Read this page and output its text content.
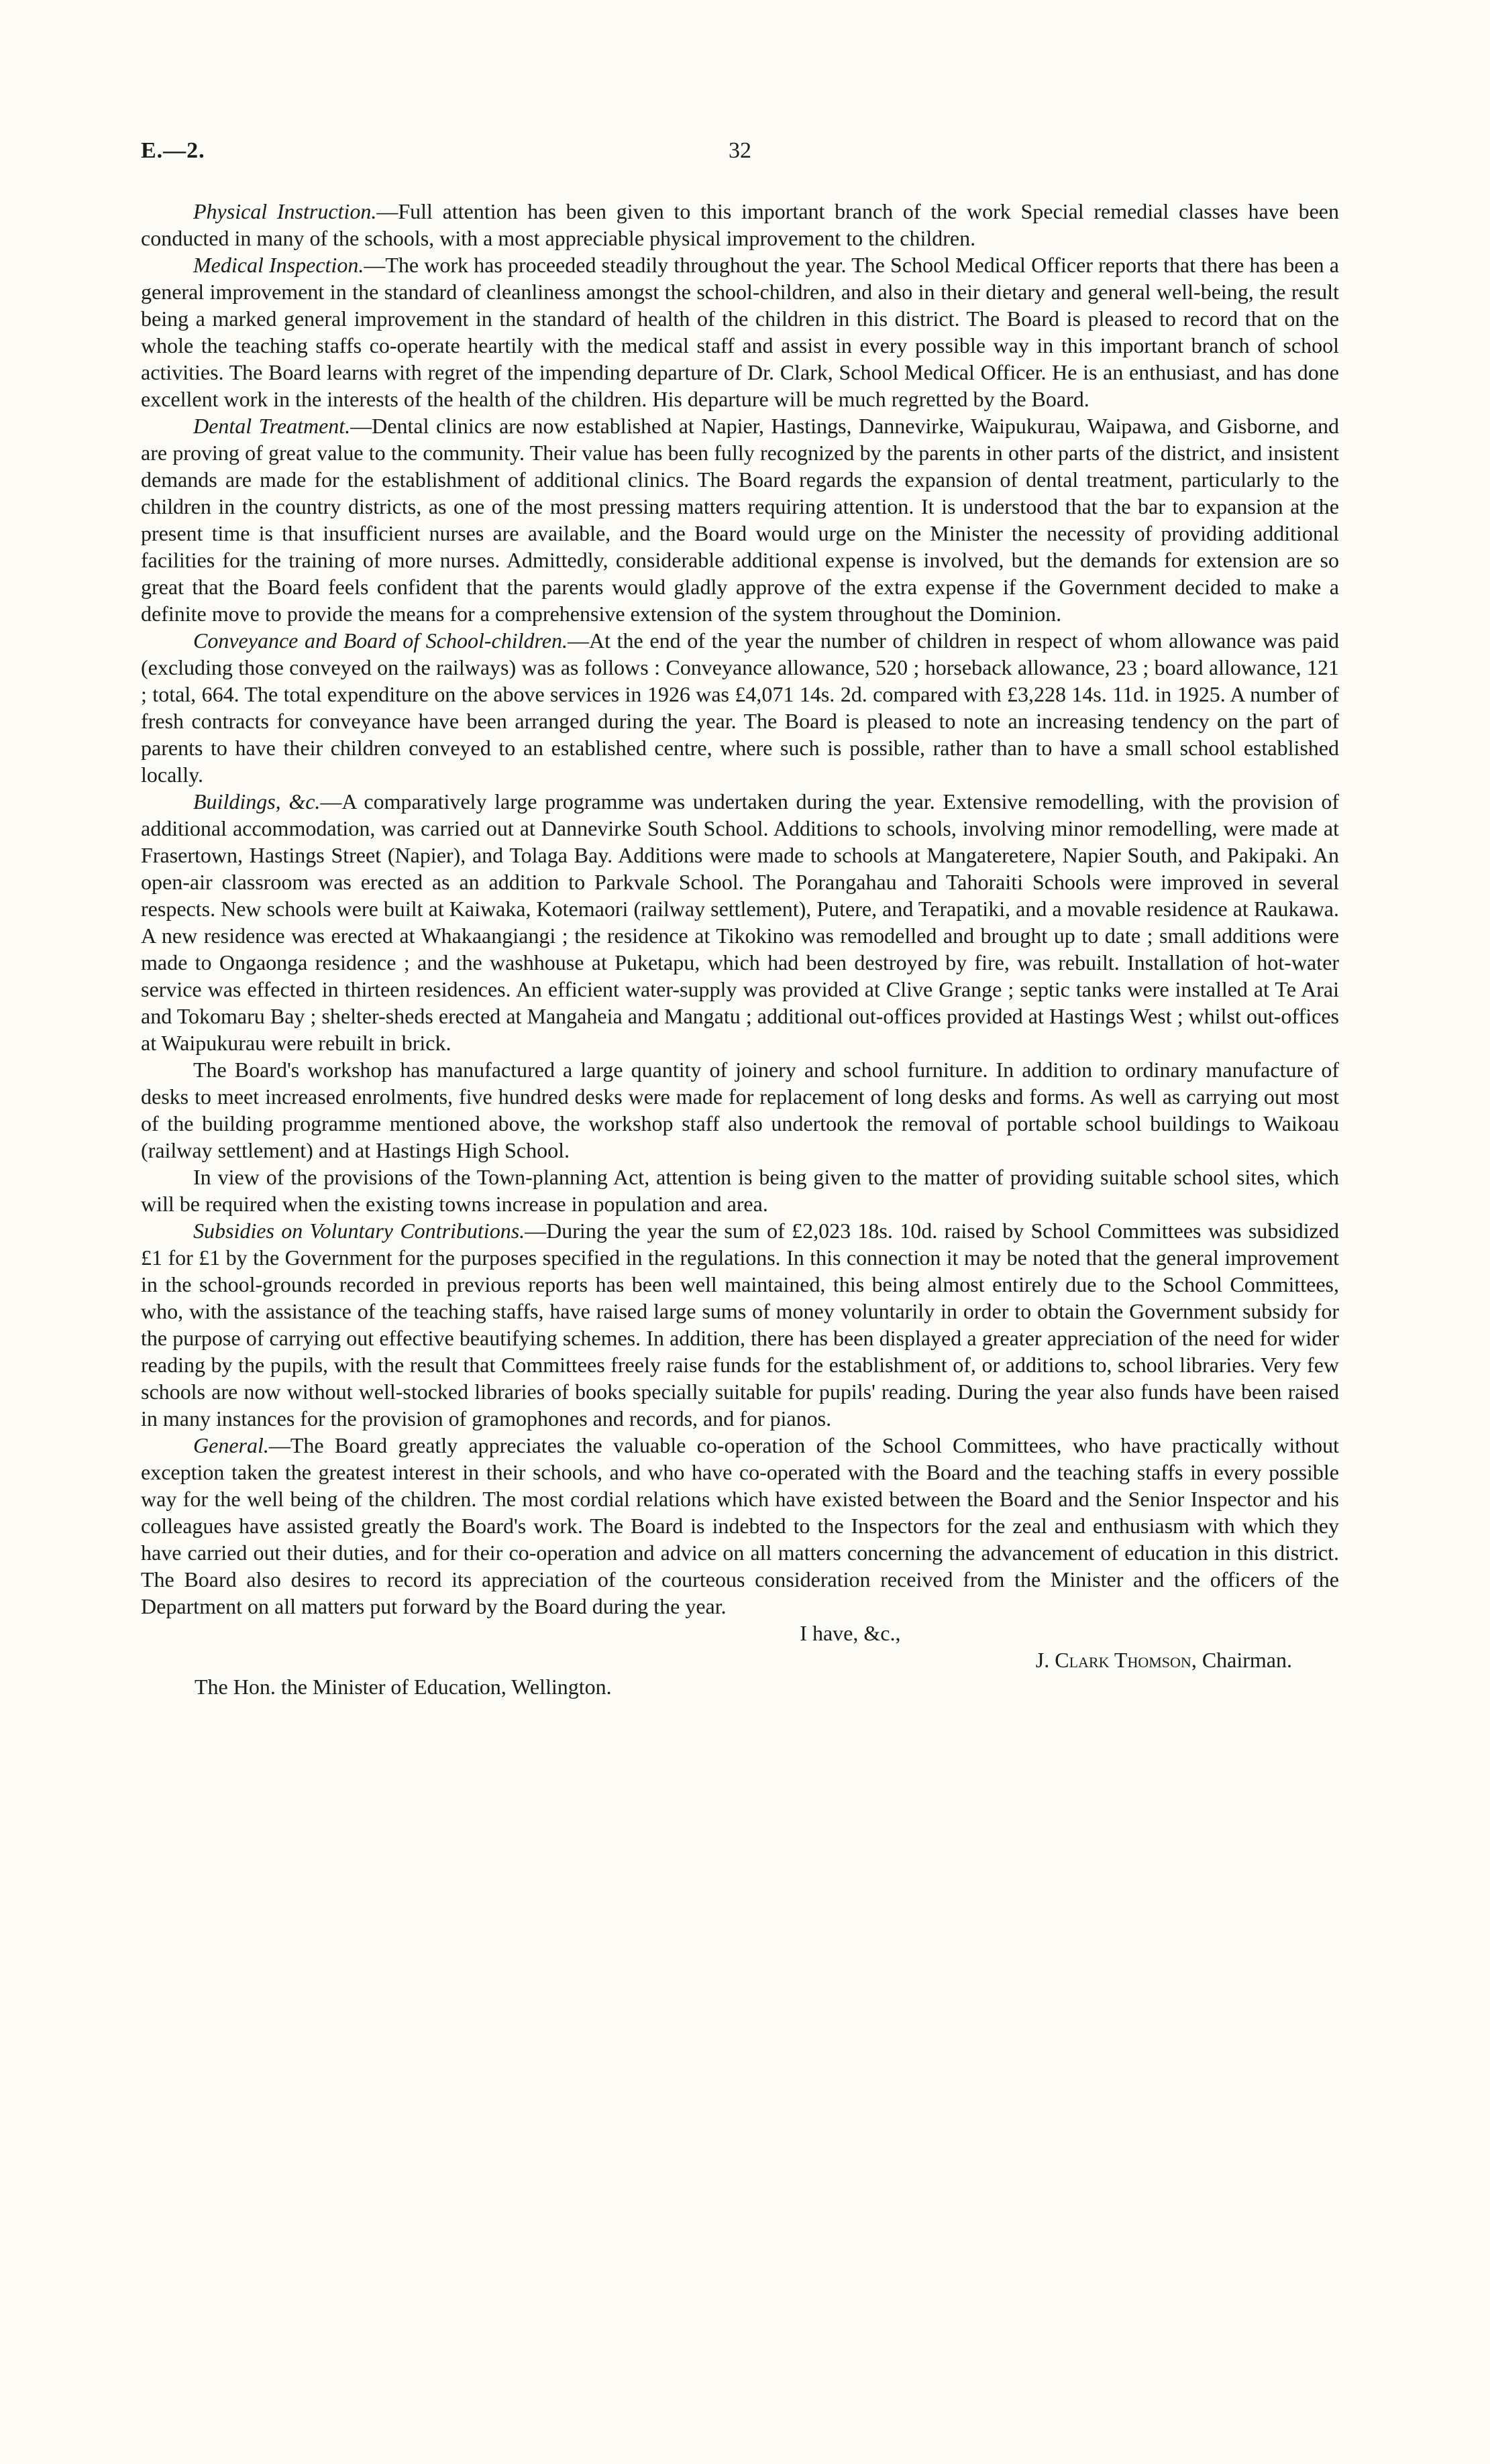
E.—2.	32

Physical Instruction.—Full attention has been given to this important branch of the work Special remedial classes have been conducted in many of the schools, with a most appreciable physical improvement to the children.

Medical Inspection.—The work has proceeded steadily throughout the year. The School Medical Officer reports that there has been a general improvement in the standard of cleanliness amongst the school-children, and also in their dietary and general well-being, the result being a marked general improvement in the standard of health of the children in this district. The Board is pleased to record that on the whole the teaching staffs co-operate heartily with the medical staff and assist in every possible way in this important branch of school activities. The Board learns with regret of the impending departure of Dr. Clark, School Medical Officer. He is an enthusiast, and has done excellent work in the interests of the health of the children. His departure will be much regretted by the Board.

Dental Treatment.—Dental clinics are now established at Napier, Hastings, Dannevirke, Waipukurau, Waipawa, and Gisborne, and are proving of great value to the community. Their value has been fully recognized by the parents in other parts of the district, and insistent demands are made for the establishment of additional clinics. The Board regards the expansion of dental treatment, particularly to the children in the country districts, as one of the most pressing matters requiring attention. It is understood that the bar to expansion at the present time is that insufficient nurses are available, and the Board would urge on the Minister the necessity of providing additional facilities for the training of more nurses. Admittedly, considerable additional expense is involved, but the demands for extension are so great that the Board feels confident that the parents would gladly approve of the extra expense if the Government decided to make a definite move to provide the means for a comprehensive extension of the system throughout the Dominion.

Conveyance and Board of School-children.—At the end of the year the number of children in respect of whom allowance was paid (excluding those conveyed on the railways) was as follows : Conveyance allowance, 520 ; horseback allowance, 23 ; board allowance, 121 ; total, 664. The total expenditure on the above services in 1926 was £4,071 14s. 2d. compared with £3,228 14s. 11d. in 1925. A number of fresh contracts for conveyance have been arranged during the year. The Board is pleased to note an increasing tendency on the part of parents to have their children conveyed to an established centre, where such is possible, rather than to have a small school established locally.

Buildings, &c.—A comparatively large programme was undertaken during the year. Extensive remodelling, with the provision of additional accommodation, was carried out at Dannevirke South School. Additions to schools, involving minor remodelling, were made at Frasertown, Hastings Street (Napier), and Tolaga Bay. Additions were made to schools at Mangateretere, Napier South, and Pakipaki. An open-air classroom was erected as an addition to Parkvale School. The Porangahau and Tahoraiti Schools were improved in several respects. New schools were built at Kaiwaka, Kotemaori (railway settlement), Putere, and Terapatiki, and a movable residence at Raukawa. A new residence was erected at Whakaangiangi ; the residence at Tikokino was remodelled and brought up to date ; small additions were made to Ongaonga residence ; and the washhouse at Puketapu, which had been destroyed by fire, was rebuilt. Installation of hot-water service was effected in thirteen residences. An efficient water-supply was provided at Clive Grange ; septic tanks were installed at Te Arai and Tokomaru Bay ; shelter-sheds erected at Mangaheia and Mangatu ; additional out-offices provided at Hastings West ; whilst out-offices at Waipukurau were rebuilt in brick.

The Board's workshop has manufactured a large quantity of joinery and school furniture. In addition to ordinary manufacture of desks to meet increased enrolments, five hundred desks were made for replacement of long desks and forms. As well as carrying out most of the building programme mentioned above, the workshop staff also undertook the removal of portable school buildings to Waikoau (railway settlement) and at Hastings High School.

In view of the provisions of the Town-planning Act, attention is being given to the matter of providing suitable school sites, which will be required when the existing towns increase in population and area.

Subsidies on Voluntary Contributions.—During the year the sum of £2,023 18s. 10d. raised by School Committees was subsidized £1 for £1 by the Government for the purposes specified in the regulations. In this connection it may be noted that the general improvement in the school-grounds recorded in previous reports has been well maintained, this being almost entirely due to the School Committees, who, with the assistance of the teaching staffs, have raised large sums of money voluntarily in order to obtain the Government subsidy for the purpose of carrying out effective beautifying schemes. In addition, there has been displayed a greater appreciation of the need for wider reading by the pupils, with the result that Committees freely raise funds for the establishment of, or additions to, school libraries. Very few schools are now without well-stocked libraries of books specially suitable for pupils' reading. During the year also funds have been raised in many instances for the provision of gramophones and records, and for pianos.

General.—The Board greatly appreciates the valuable co-operation of the School Committees, who have practically without exception taken the greatest interest in their schools, and who have co-operated with the Board and the teaching staffs in every possible way for the well being of the children. The most cordial relations which have existed between the Board and the Senior Inspector and his colleagues have assisted greatly the Board's work. The Board is indebted to the Inspectors for the zeal and enthusiasm with which they have carried out their duties, and for their co-operation and advice on all matters concerning the advancement of education in this district. The Board also desires to record its appreciation of the courteous consideration received from the Minister and the officers of the Department on all matters put forward by the Board during the year.

I have, &c.,

J. Clark Thomson, Chairman.

The Hon. the Minister of Education, Wellington.
